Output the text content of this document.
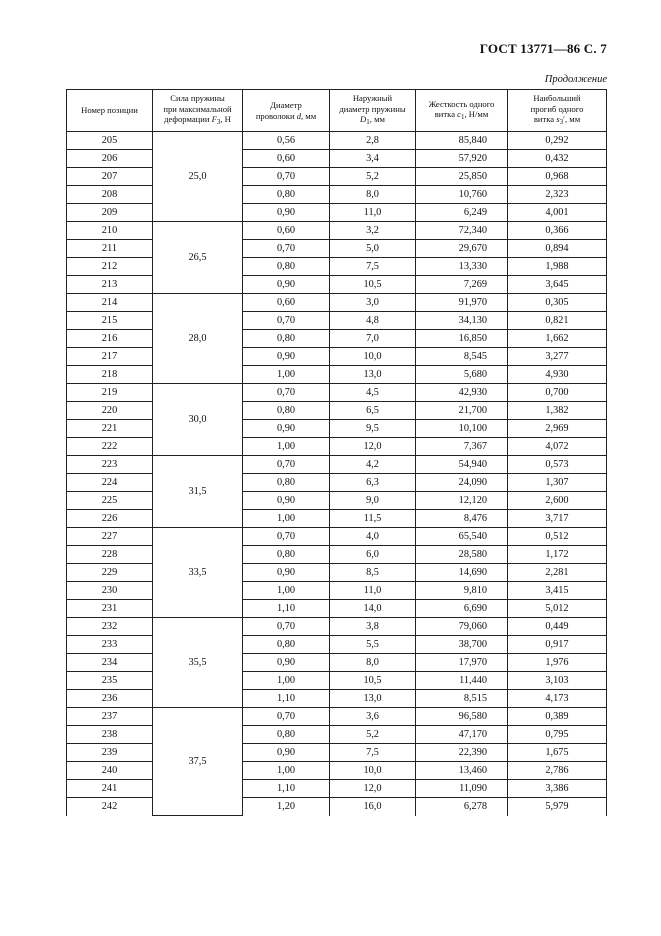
ГОСТ 13771—86 С. 7
Продолжение
Номер позиции	Сила пружины
при максимальной
деформации $F_3$, Н	Диаметр
проволоки d, мм	Наружный
диаметр пружины
$D_1$, мм	Жесткость одного
витка $c_1$, Н/мм	Наибольший
прогиб одного
витка $s_3'$, мм
205	25,0	0,56	2,8	85,840	0,292
206		0,60	3,4	57,920	0,432
207		0,70	5,2	25,850	0,968
208		0,80	8,0	10,760	2,323
209		0,90	11,0	6,249	4,001
210	26,5	0,60	3,2	72,340	0,366
211		0,70	5,0	29,670	0,894
212		0,80	7,5	13,330	1,988
213		0,90	10,5	7,269	3,645
214	28,0	0,60	3,0	91,970	0,305
215		0,70	4,8	34,130	0,821
216		0,80	7,0	16,850	1,662
217		0,90	10,0	8,545	3,277
218		1,00	13,0	5,680	4,930
219	30,0	0,70	4,5	42,930	0,700
220		0,80	6,5	21,700	1,382
221		0,90	9,5	10,100	2,969
222		1,00	12,0	7,367	4,072
223	31,5	0,70	4,2	54,940	0,573
224		0,80	6,3	24,090	1,307
225		0,90	9,0	12,120	2,600
226		1,00	11,5	8,476	3,717
227	33,5	0,70	4,0	65,540	0,512
228		0,80	6,0	28,580	1,172
229		0,90	8,5	14,690	2,281
230		1,00	11,0	9,810	3,415
231		1,10	14,0	6,690	5,012
232	35,5	0,70	3,8	79,060	0,449
233		0,80	5,5	38,700	0,917
234		0,90	8,0	17,970	1,976
235		1,00	10,5	11,440	3,103
236		1,10	13,0	8,515	4,173
237	37,5	0,70	3,6	96,580	0,389
238		0,80	5,2	47,170	0,795
239		0,90	7,5	22,390	1,675
240		1,00	10,0	13,460	2,786
241		1,10	12,0	11,090	3,386
242		1,20	16,0	6,278	5,979
